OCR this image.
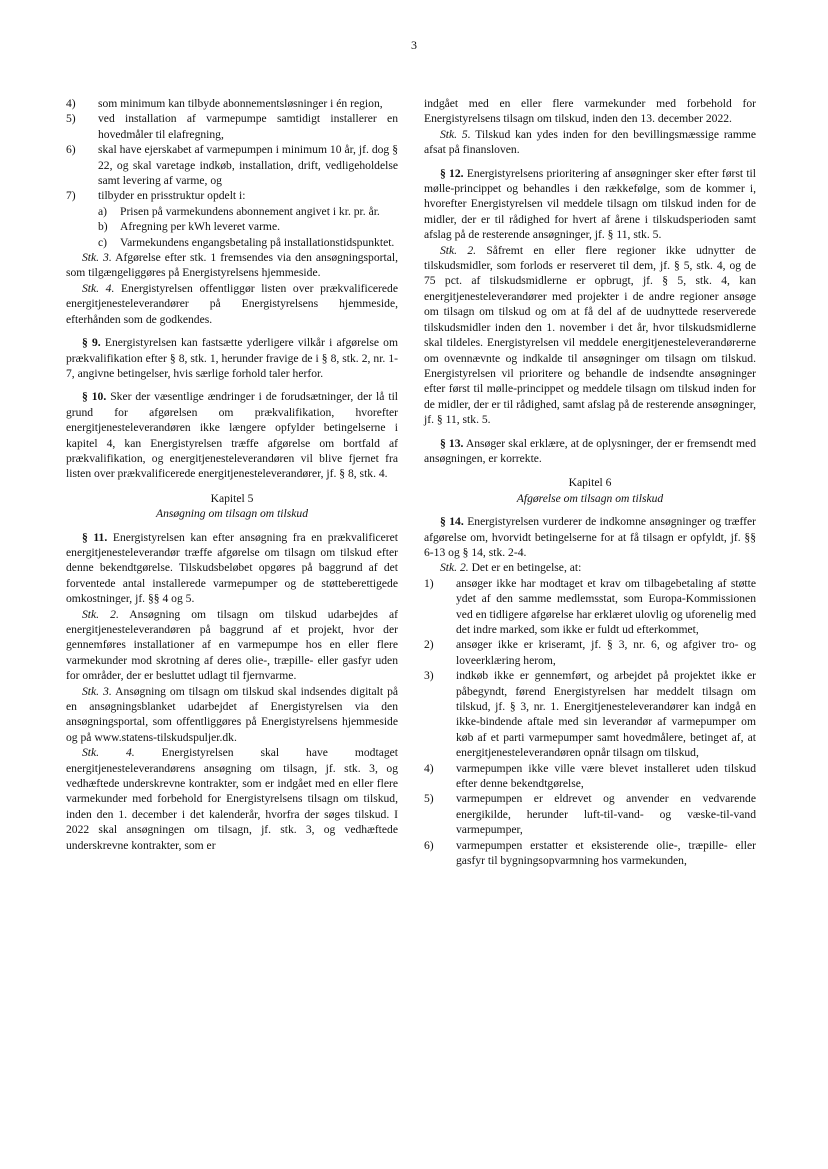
3
4)	som minimum kan tilbyde abonnementsløsninger i én region,
5)	ved installation af varmepumpe samtidigt installerer en hovedmåler til elafregning,
6)	skal have ejerskabet af varmepumpen i minimum 10 år, jf. dog § 22, og skal varetage indkøb, installation, drift, vedligeholdelse samt levering af varme, og
7)	tilbyder en prisstruktur opdelt i:
a)	Prisen på varmekundens abonnement angivet i kr. pr. år.
b)	Afregning per kWh leveret varme.
c)	Varmekundens engangsbetaling på installationstidspunktet.

Stk. 3. Afgørelse efter stk. 1 fremsendes via den ansøgningsportal, som tilgængeliggøres på Energistyrelsens hjemmeside.

Stk. 4. Energistyrelsen offentliggør listen over prækvalificerede energitjenesteleverandører på Energistyrelsens hjemmeside, efterhånden som de godkendes.

§ 9. Energistyrelsen kan fastsætte yderligere vilkår i afgørelse om prækvalifikation efter § 8, stk. 1, herunder fravige de i § 8, stk. 2, nr. 1-7, angivne betingelser, hvis særlige forhold taler herfor.

§ 10. Sker der væsentlige ændringer i de forudsætninger, der lå til grund for afgørelsen om prækvalifikation, hvorefter energitjenesteleverandøren ikke længere opfylder betingelserne i kapitel 4, kan Energistyrelsen træffe afgørelse om bortfald af prækvalifikation, og energitjenesteleverandøren vil blive fjernet fra listen over prækvalificerede energitjenesteleverandører, jf. § 8, stk. 4.

Kapitel 5
Ansøgning om tilsagn om tilskud

§ 11. Energistyrelsen kan efter ansøgning fra en prækvalificeret energitjenesteleverandør træffe afgørelse om tilsagn om tilskud efter denne bekendtgørelse. Tilskudsbeløbet opgøres på baggrund af det forventede antal installerede varmepumper og de støtteberettigede omkostninger, jf. §§ 4 og 5.

Stk. 2. Ansøgning om tilsagn om tilskud udarbejdes af energitjenesteleverandøren på baggrund af et projekt, hvor der gennemføres installationer af en varmepumpe hos en eller flere varmekunder mod skrotning af deres olie-, træpille- eller gasfyr uden for områder, der er besluttet udlagt til fjernvarme.

Stk. 3. Ansøgning om tilsagn om tilskud skal indsendes digitalt på en ansøgningsblanket udarbejdet af Energistyrelsen via den ansøgningsportal, som offentliggøres på Energistyrelsens hjemmeside og på www.statens-tilskudspuljer.dk.

Stk. 4. Energistyrelsen skal have modtaget energitjenesteleverandørens ansøgning om tilsagn, jf. stk. 3, og vedhæftede underskrevne kontrakter, som er indgået med en eller flere varmekunder med forbehold for Energistyrelsens tilsagn om tilskud, inden den 1. december i det kalenderår, hvorfra der søges tilskud. I 2022 skal ansøgningen om tilsagn, jf. stk. 3, og vedhæftede underskrevne kontrakter, som er

indgået med en eller flere varmekunder med forbehold for Energistyrelsens tilsagn om tilskud, inden den 13. december 2022.

Stk. 5. Tilskud kan ydes inden for den bevillingsmæssige ramme afsat på finansloven.

§ 12. Energistyrelsens prioritering af ansøgninger sker efter først til mølle-princippet og behandles i den rækkefølge, som de kommer i, hvorefter Energistyrelsen vil meddele tilsagn om tilskud inden for de midler, der er til rådighed for hvert af årene i tilskudsperioden samt afslag på de resterende ansøgninger, jf. § 11, stk. 5.

Stk. 2. Såfremt en eller flere regioner ikke udnytter de tilskudsmidler, som forlods er reserveret til dem, jf. § 5, stk. 4, og de 75 pct. af tilskudsmidlerne er opbrugt, jf. § 5, stk. 4, kan energitjenesteleverandører med projekter i de andre regioner ansøge om tilsagn om tilskud og om at få del af de uudnyttede reserverede tilskudsmidler inden den 1. november i det år, hvor tilskudsmidlerne skal tildeles. Energistyrelsen vil meddele energitjenesteleverandørerne om ovennævnte og indkalde til ansøgninger om tilsagn om tilskud. Energistyrelsen vil prioritere og behandle de indsendte ansøgninger efter først til mølle-princippet og meddele tilsagn om tilskud inden for de midler, der er til rådighed, samt afslag på de resterende ansøgninger, jf. § 11, stk. 5.

§ 13. Ansøger skal erklære, at de oplysninger, der er fremsendt med ansøgningen, er korrekte.

Kapitel 6
Afgørelse om tilsagn om tilskud

§ 14. Energistyrelsen vurderer de indkomne ansøgninger og træffer afgørelse om, hvorvidt betingelserne for at få tilsagn er opfyldt, jf. §§ 6-13 og § 14, stk. 2-4.

Stk. 2. Det er en betingelse, at:

1)	ansøger ikke har modtaget et krav om tilbagebetaling af støtte ydet af den samme medlemsstat, som Europa-Kommissionen ved en tidligere afgørelse har erklæret ulovlig og uforenelig med det indre marked, som ikke er fuldt ud efterkommet,
2)	ansøger ikke er kriseramt, jf. § 3, nr. 6, og afgiver tro- og loveerklæring herom,
3)	indkøb ikke er gennemført, og arbejdet på projektet ikke er påbegyndt, førend Energistyrelsen har meddelt tilsagn om tilskud, jf. § 3, nr. 1. Energitjenesteleverandører kan indgå en ikke-bindende aftale med sin leverandør af varmepumper om køb af et parti varmepumper samt hovedmålere, betinget af, at energitjenesteleverandøren opnår tilsagn om tilskud,
4)	varmepumpen ikke ville være blevet installeret uden tilskud efter denne bekendtgørelse,
5)	varmepumpen er eldrevet og anvender en vedvarende energikilde, herunder luft-til-vand- og væske-til-vand varmepumper,
6)	varmepumpen erstatter et eksisterende olie-, træpille- eller gasfyr til bygningsopvarmning hos varmekunden,
